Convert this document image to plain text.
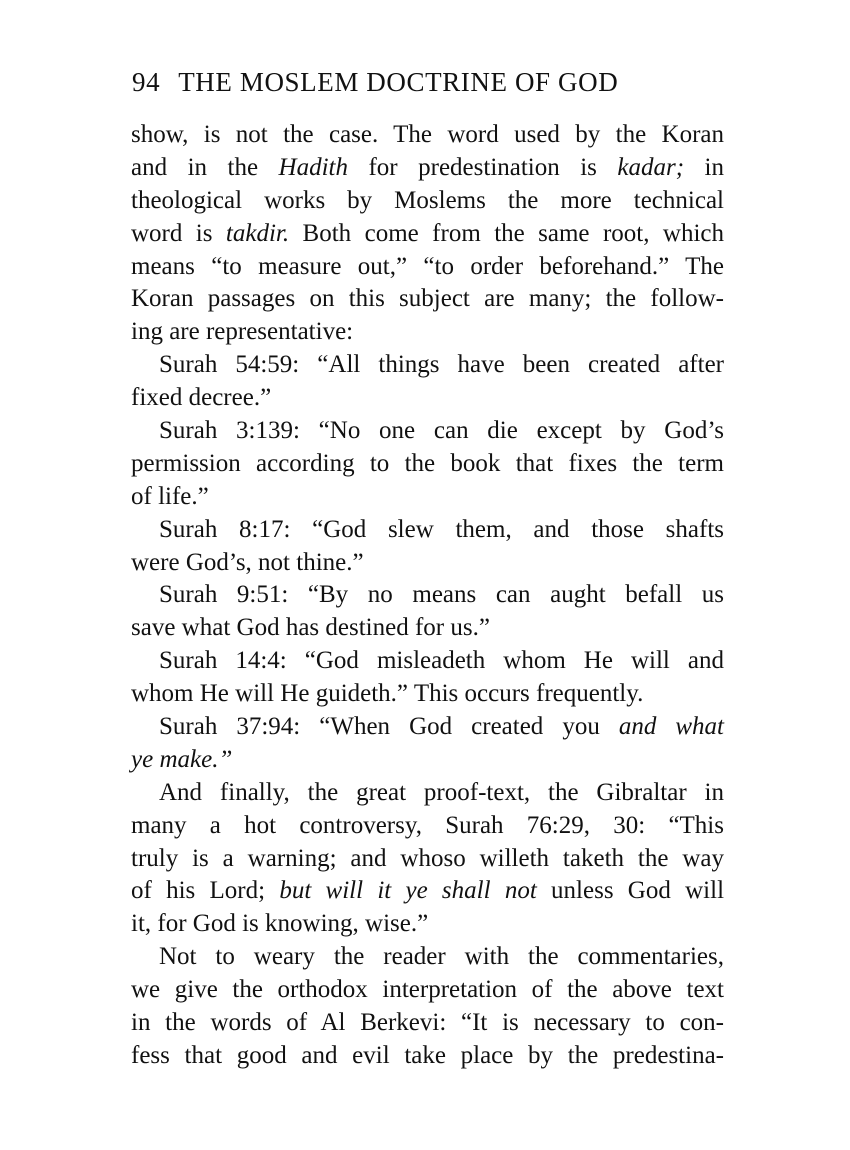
94 THE MOSLEM DOCTRINE OF GOD
show, is not the case. The word used by the Koran
and in the Hadith for predestination is kadar; in
theological works by Moslems the more technical
word is takdir. Both come from the same root, which
means “to measure out,” “to order beforehand.” The
Koran passages on this subject are many; the follow-
ing are representative:
Surah 54:59: “All things have been created after
fixed decree.”
Surah 3:139: “No one can die except by God’s
permission according to the book that fixes the term
of life.”
Surah 8:17: “God slew them, and those shafts
were God’s, not thine.”
Surah 9:51: “By no means can aught befall us
save what God has destined for us.”
Surah 14:4: “God misleadeth whom He will and
whom He will He guideth.” This occurs frequently.
Surah 37:94: “When God created you and what
ye make.”
And finally, the great proof-text, the Gibraltar in
many a hot controversy, Surah 76:29, 30: “This
truly is a warning; and whoso willeth taketh the way
of his Lord; but will it ye shall not unless God will
it, for God is knowing, wise.”
Not to weary the reader with the commentaries,
we give the orthodox interpretation of the above text
in the words of Al Berkevi: “It is necessary to con-
fess that good and evil take place by the predestina-
